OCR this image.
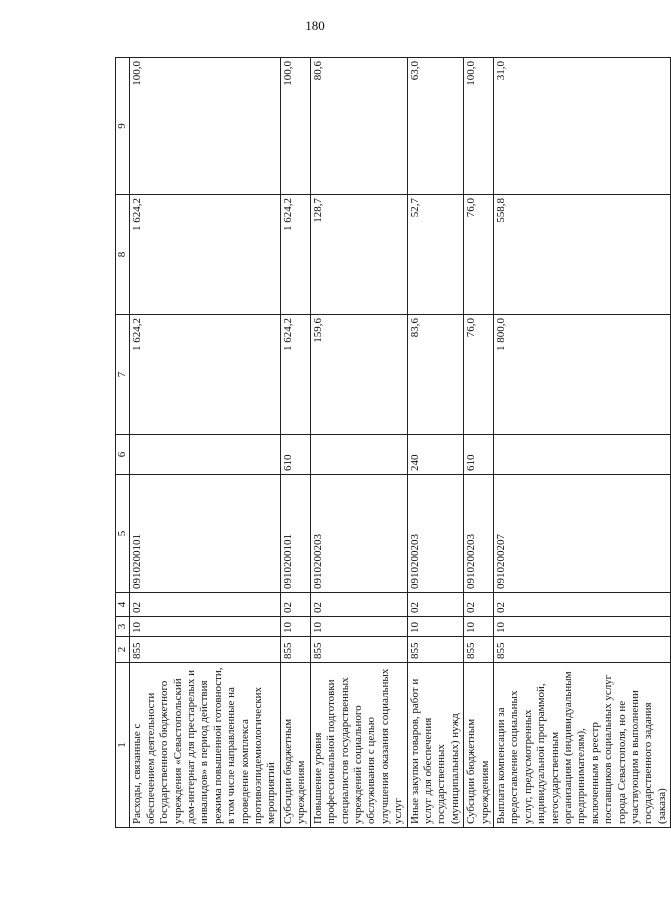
180
1	2	3	4	5	6	7	8	9
Расходы, связанные с обеспечением деятельности Государственного бюджетного учреждения «Севастопольский дом-интернат для престарелых и инвалидов» в период действия режима повышенной готовности, в том числе направленные на проведение комплекса противоэпидемиологических мероприятий	855	10	02	0910200101		1 624,2	1 624,2	100,0
Субсидии бюджетным учреждениям	855	10	02	0910200101	610	1 624,2	1 624,2	100,0
Повышение уровня профессиональной подготовки специалистов государственных учреждений социального обслуживания с целью улучшения оказания социальных услуг	855	10	02	0910200203		159,6	128,7	80,6
Иные закупки товаров, работ и услуг для обеспечения государственных (муниципальных) нужд	855	10	02	0910200203	240	83,6	52,7	63,0
Субсидии бюджетным учреждениям	855	10	02	0910200203	610	76,0	76,0	100,0
Выплата компенсации за предоставление социальных услуг, предусмотренных индивидуальной программой, негосударственным организациям (индивидуальным предпринимателям), включенным в реестр поставщиков социальных услуг города Севастополя, но не участвующим в выполнении государственного задания (заказа)	855	10	02	0910200207		1 800,0	558,8	31,0
